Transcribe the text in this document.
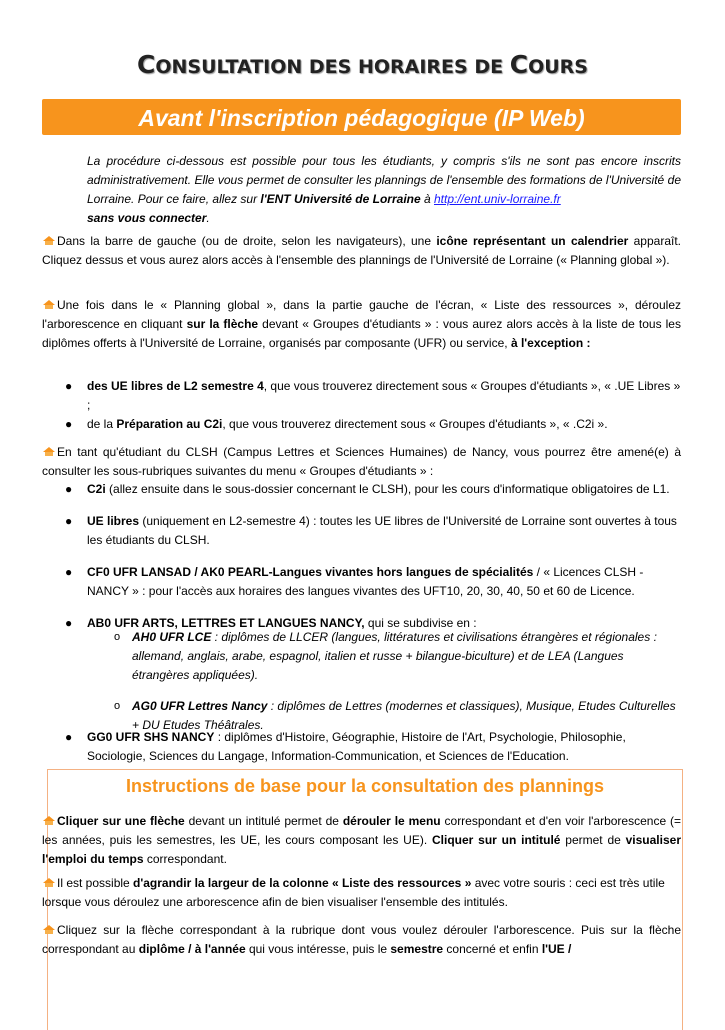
CONSULTATION DES HORAIRES DE COURS
Avant l'inscription pédagogique (IP Web)
La procédure ci-dessous est possible pour tous les étudiants, y compris s'ils ne sont pas encore inscrits administrativement. Elle vous permet de consulter les plannings de l'ensemble des formations de l'Université de Lorraine. Pour ce faire, allez sur l'ENT Université de Lorraine à http://ent.univ-lorraine.fr
sans vous connecter.
Dans la barre de gauche (ou de droite, selon les navigateurs), une icône représentant un calendrier apparaît. Cliquez dessus et vous aurez alors accès à l'ensemble des plannings de l'Université de Lorraine (« Planning global »).
Une fois dans le « Planning global », dans la partie gauche de l'écran, « Liste des ressources », déroulez l'arborescence en cliquant sur la flèche devant « Groupes d'étudiants » : vous aurez alors accès à la liste de tous les diplômes offerts à l'Université de Lorraine, organisés par composante (UFR) ou service, à l'exception :
● des UE libres de L2 semestre 4, que vous trouverez directement sous « Groupes d'étudiants », « .UE Libres » ;
● de la Préparation au C2i, que vous trouverez directement sous « Groupes d'étudiants », « .C2i ».
En tant qu'étudiant du CLSH (Campus Lettres et Sciences Humaines) de Nancy, vous pourrez être amené(e) à consulter les sous-rubriques suivantes du menu « Groupes d'étudiants » :
● C2i (allez ensuite dans le sous-dossier concernant le CLSH), pour les cours d'informatique obligatoires de L1.
● UE libres (uniquement en L2-semestre 4) : toutes les UE libres de l'Université de Lorraine sont ouvertes à tous les étudiants du CLSH.
● CF0 UFR LANSAD / AK0 PEARL-Langues vivantes hors langues de spécialités / « Licences CLSH - NANCY » : pour l'accès aux horaires des langues vivantes des UFT10, 20, 30, 40, 50 et 60 de Licence.
● AB0 UFR ARTS, LETTRES ET LANGUES NANCY, qui se subdivise en :
o AH0 UFR LCE : diplômes de LLCER (langues, littératures et civilisations étrangères et régionales : allemand, anglais, arabe, espagnol, italien et russe + bilangue-biculture) et de LEA (Langues étrangères appliquées).
o AG0 UFR Lettres Nancy : diplômes de Lettres (modernes et classiques), Musique, Etudes Culturelles + DU Etudes Théâtrales.
● GG0 UFR SHS NANCY : diplômes d'Histoire, Géographie, Histoire de l'Art, Psychologie, Philosophie, Sociologie, Sciences du Langage, Information-Communication, et Sciences de l'Education.
Instructions de base pour la consultation des plannings
Cliquer sur une flèche devant un intitulé permet de dérouler le menu correspondant et d'en voir l'arborescence (= les années, puis les semestres, les UE, les cours composant les UE). Cliquer sur un intitulé permet de visualiser l'emploi du temps correspondant.
Il est possible d'agrandir la largeur de la colonne « Liste des ressources » avec votre souris : ceci est très utile lorsque vous déroulez une arborescence afin de bien visualiser l'ensemble des intitulés.
Cliquez sur la flèche correspondant à la rubrique dont vous voulez dérouler l'arborescence. Puis sur la flèche correspondant au diplôme / à l'année qui vous intéresse, puis le semestre concerné et enfin l'UE /
